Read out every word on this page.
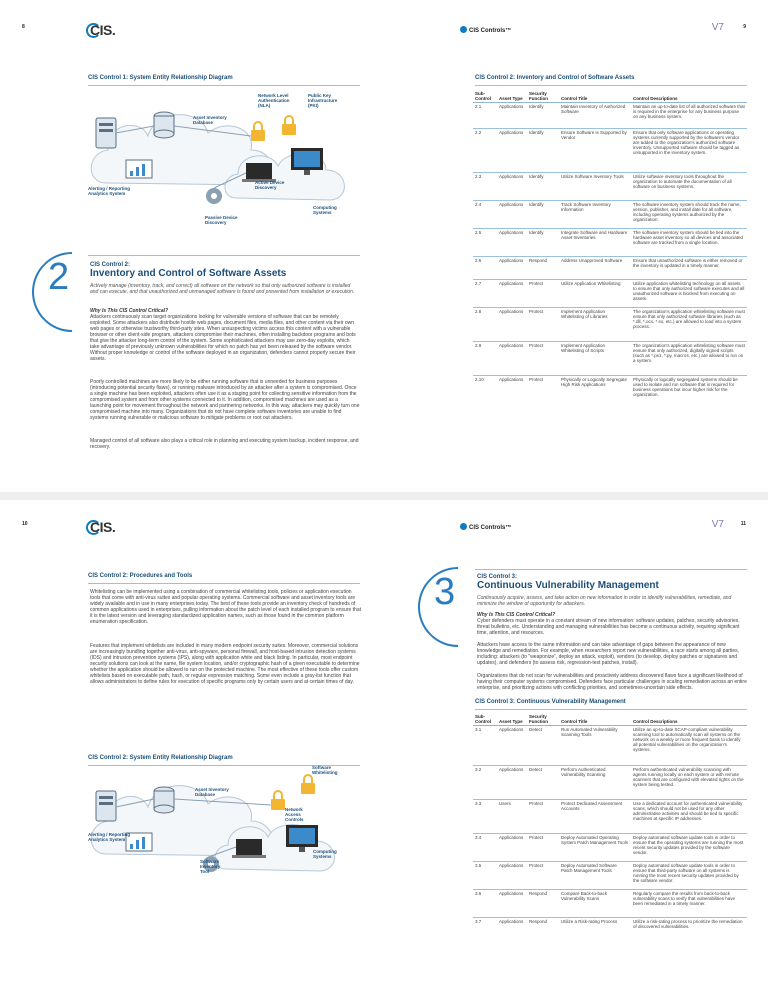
8	CIS.
CIS Control 1: System Entity Relationship Diagram
Network Level Authentication (NLA)
Public Key Infrastructure (PKI)
Asset Inventory Database
Active Device Discovery
Alerting / Reporting Analytics System
Passive Device Discovery
Computing Systems
2	CIS Control 2:
Inventory and Control of Software Assets
Actively manage (inventory, track, and correct) all software on the network so that only authorized software is installed and can execute, and that unauthorized and unmanaged software is found and prevented from installation or execution.
Why Is This CIS Control Critical?
Attackers continuously scan target organizations looking for vulnerable versions of software that can be remotely exploited. Some attackers also distribute hostile web pages, document files, media files, and other content via their own web pages or otherwise trustworthy third-party sites. When unsuspecting victims access this content with a vulnerable browser or other client-side program, attackers compromise their machines, often installing backdoor programs and bots that give the attacker long-term control of the system. Some sophisticated attackers may use zero-day exploits, which take advantage of previously unknown vulnerabilities for which no patch has yet been released by the software vendor. Without proper knowledge or control of the software deployed in an organization, defenders cannot properly secure their assets.
Poorly controlled machines are more likely to be either running software that is unneeded for business purposes (introducing potential security flaws), or running malware introduced by an attacker after a system is compromised. Once a single machine has been exploited, attackers often use it as a staging point for collecting sensitive information from the compromised system and from other systems connected to it. In addition, compromised machines are used as a launching point for movement throughout the network and partnering networks. In this way, attackers may quickly turn one compromised machine into many. Organizations that do not have complete software inventories are unable to find systems running vulnerable or malicious software to mitigate problems or root out attackers.
Managed control of all software also plays a critical role in planning and executing system backup, incident response, and recovery.
CIS Controls™	V7	9
CIS Control 2: Inventory and Control of Software Assets
Sub-Control	Asset Type	Security Function	Control Title	Control Descriptions
2.1	Applications	Identify	Maintain Inventory of Authorized Software	Maintain an up-to-date list of all authorized software that is required in the enterprise for any business purpose on any business system.
2.2	Applications	Identify	Ensure Software is Supported by Vendor	Ensure that only software applications or operating systems currently supported by the software's vendor are added to the organization's authorized software inventory. Unsupported software should be tagged as unsupported in the inventory system.
2.3	Applications	Identify	Utilize Software Inventory Tools	Utilize software inventory tools throughout the organization to automate the documentation of all software on business systems.
2.4	Applications	Identify	Track Software Inventory Information	The software inventory system should track the name, version, publisher, and install date for all software, including operating systems authorized by the organization.
2.5	Applications	Identify	Integrate Software and Hardware Asset Inventories	The software inventory system should be tied into the hardware asset inventory so all devices and associated software are tracked from a single location.
2.6	Applications	Respond	Address Unapproved Software	Ensure that unauthorized software is either removed or the inventory is updated in a timely manner.
2.7	Applications	Protect	Utilize Application Whitelisting	Utilize application whitelisting technology on all assets to ensure that only authorized software executes and all unauthorized software is blocked from executing on assets.
2.8	Applications	Protect	Implement Application Whitelisting of Libraries	The organization's application whitelisting software must ensure that only authorized software libraries (such as *.dll, *.ocx, *.so, etc.) are allowed to load into a system process.
2.9	Applications	Protect	Implement Application Whitelisting of Scripts	The organization's application whitelisting software must ensure that only authorized, digitally signed scripts (such as *.ps1, *.py, macros, etc.) are allowed to run on a system.
2.10	Applications	Protect	Physically or Logically Segregate High Risk Applications	Physically or logically segregated systems should be used to isolate and run software that is required for business operations but incur higher risk for the organization.
10	CIS.
CIS Control 2: Procedures and Tools
Whitelisting can be implemented using a combination of commercial whitelisting tools, policies or application execution tools that come with anti-virus suites and popular operating systems. Commercial software and asset inventory tools are widely available and in use in many enterprises today. The best of these tools provide an inventory check of hundreds of common applications used in enterprises, pulling information about the patch level of each installed program to ensure that it is the latest version and leveraging standardized application names, such as those found in the common platform enumeration specification.
Features that implement whitelists are included in many modern endpoint security suites. Moreover, commercial solutions are increasingly bundling together anti-virus, anti-spyware, personal firewall, and host-based intrusion detection systems (IDS) and intrusion prevention systems (IPS), along with application white and black listing. In particular, most endpoint security solutions can look at the name, file system location, and/or cryptographic hash of a given executable to determine whether the application should be allowed to run on the protected machine. The most effective of these tools offer custom whitelists based on executable path, hash, or regular expression matching. Some even include a gray-list function that allows administrators to define rules for execution of specific programs only by certain users and at certain times of day.
CIS Control 2: System Entity Relationship Diagram
Software Whitelisting
Asset Inventory Database
Network Access Controls
Alerting / Reporting Analytics System
Software Inventory Tool
Computing Systems
CIS Controls™	V7	11
3	CIS Control 3:
Continuous Vulnerability Management
Continuously acquire, assess, and take action on new information in order to identify vulnerabilities, remediate, and minimize the window of opportunity for attackers.
Why Is This CIS Control Critical?
Cyber defenders must operate in a constant stream of new information: software updates, patches, security advisories, threat bulletins, etc. Understanding and managing vulnerabilities has become a continuous activity, requiring significant time, attention, and resources.
Attackers have access to the same information and can take advantage of gaps between the appearance of new knowledge and remediation. For example, when researchers report new vulnerabilities, a race starts among all parties, including: attackers (to "weaponize", deploy an attack, exploit), vendors (to develop, deploy patches or signatures and updates), and defenders (to assess risk, regression-test patches, install).
Organizations that do not scan for vulnerabilities and proactively address discovered flaws face a significant likelihood of having their computer systems compromised. Defenders face particular challenges in scaling remediation across an entire enterprise, and prioritizing actions with conflicting priorities, and sometimes-uncertain side effects.
CIS Control 3: Continuous Vulnerability Management
Sub-Control	Asset Type	Security Function	Control Title	Control Descriptions
3.1	Applications	Detect	Run Automated Vulnerability Scanning Tools	Utilize an up-to-date SCAP-compliant vulnerability scanning tool to automatically scan all systems on the network on a weekly or more frequent basis to identify all potential vulnerabilities on the organization's systems.
3.2	Applications	Detect	Perform Authenticated Vulnerability Scanning	Perform authenticated vulnerability scanning with agents running locally on each system or with remote scanners that are configured with elevated rights on the system being tested.
3.3	Users	Protect	Protect Dedicated Assessment Accounts	Use a dedicated account for authenticated vulnerability scans, which should not be used for any other administrative activities and should be tied to specific machines at specific IP addresses.
3.4	Applications	Protect	Deploy Automated Operating System Patch Management Tools	Deploy automated software update tools in order to ensure that the operating systems are running the most recent security updates provided by the software vendor.
3.5	Applications	Protect	Deploy Automated Software Patch Management Tools	Deploy automated software update tools in order to ensure that third-party software on all systems is running the most recent security updates provided by the software vendor.
3.6	Applications	Respond	Compare Back-to-back Vulnerability Scans	Regularly compare the results from back-to-back vulnerability scans to verify that vulnerabilities have been remediated in a timely manner.
3.7	Applications	Respond	Utilize a Risk-rating Process	Utilize a risk-rating process to prioritize the remediation of discovered vulnerabilities.
